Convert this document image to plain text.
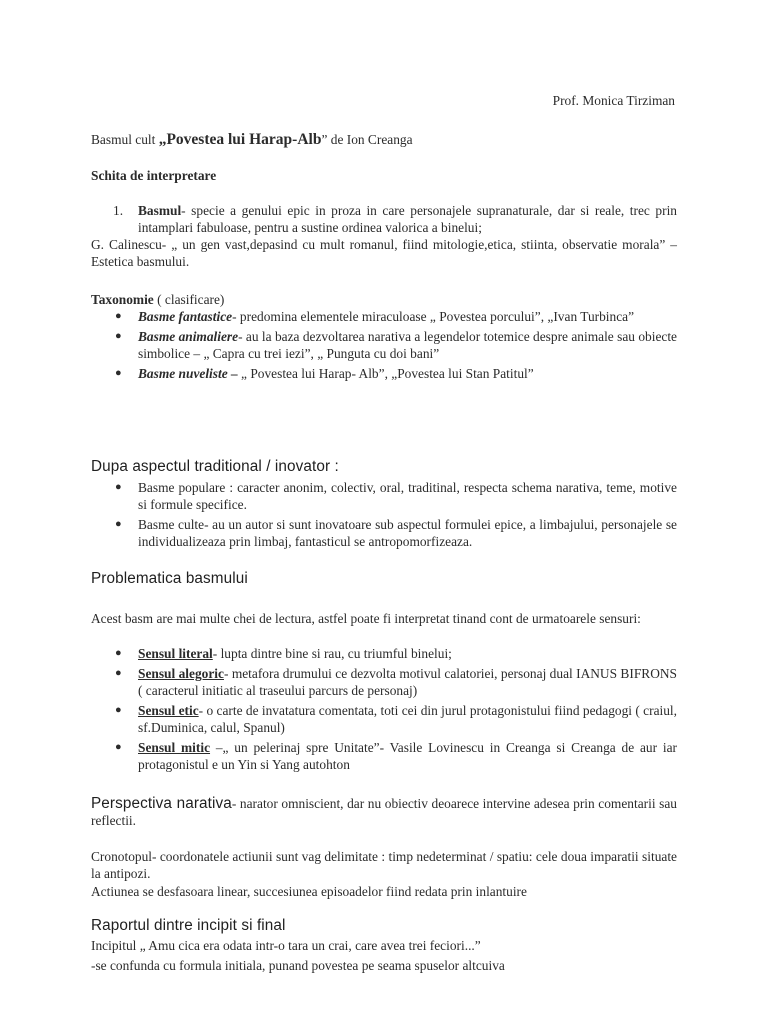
Prof. Monica Tirziman
Basmul cult „Povestea lui Harap-Alb” de Ion Creanga
Schita de interpretare
1. Basmul- specie a genului epic in proza in care personajele supranaturale, dar si reale, trec prin intamplari fabuloase, pentru a sustine ordinea valorica a binelui;
G. Calinescu- „ un gen vast,depasind cu mult romanul, fiind mitologie,etica, stiinta, observatie morala” – Estetica basmului.
Taxonomie ( clasificare)
● Basme fantastice- predomina elementele miraculoase „ Povestea porcului”, „Ivan Turbinca”
● Basme animaliere- au la baza dezvoltarea narativa a legendelor totemice despre animale sau obiecte simbolice – „ Capra cu trei iezi”, „ Punguta cu doi bani”
● Basme nuveliste – „ Povestea lui Harap- Alb”, „Povestea lui Stan Patitul”
Dupa aspectul traditional / inovator :
● Basme populare : caracter anonim, colectiv, oral, traditinal, respecta schema narativa, teme, motive si formule specifice.
● Basme culte- au un autor si sunt inovatoare sub aspectul formulei epice, a limbajului, personajele se individualizeaza prin limbaj, fantasticul se antropomorfizeaza.
Problematica basmului
Acest basm are mai multe chei de lectura, astfel poate fi interpretat tinand cont de urmatoarele sensuri:
● Sensul literal- lupta dintre bine si rau, cu triumful binelui;
● Sensul alegoric- metafora drumului ce dezvolta motivul calatoriei, personaj dual IANUS BIFRONS ( caracterul initiatic al traseului parcurs de personaj)
● Sensul etic- o carte de invatatura comentata, toti cei din jurul protagonistului fiind pedagogi ( craiul, sf.Duminica, calul, Spanul)
● Sensul mitic –„ un pelerinaj spre Unitate”- Vasile Lovinescu in Creanga si Creanga de aur iar protagonistul e un Yin si Yang autohton
Perspectiva narativa- narator omniscient, dar nu obiectiv deoarece intervine adesea prin comentarii sau reflectii.
Cronotopul- coordonatele actiunii sunt vag delimitate : timp nedeterminat / spatiu: cele doua imparatii situate la antipozi.
Actiunea se desfasoara linear, succesiunea episoadelor fiind redata prin inlantuire
Raportul dintre incipit si final
Incipitul „ Amu cica era odata intr-o tara un crai, care avea trei feciori...”
-se confunda cu formula initiala, punand povestea pe seama spuselor altcuiva
